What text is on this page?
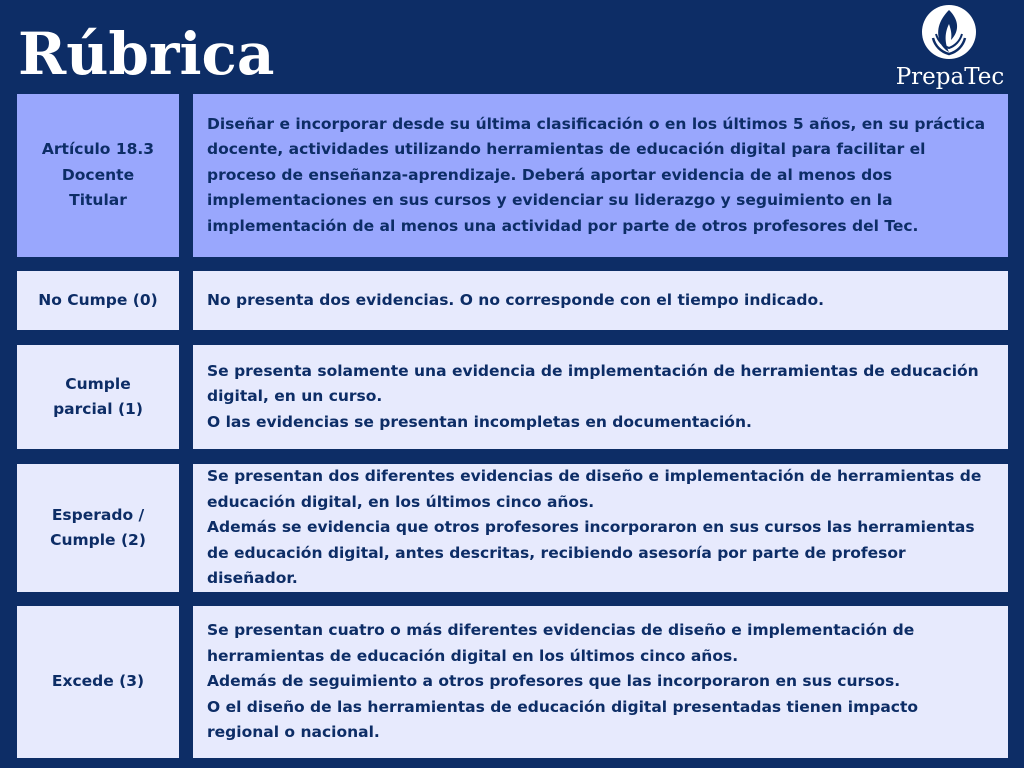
Rúbrica	PrepaTec
Artículo 18.3
Docente
Titular
Diseñar e incorporar desde su última clasificación o en los últimos 5 años, en su práctica docente, actividades utilizando herramientas de educación digital para facilitar el proceso de enseñanza-aprendizaje. Deberá aportar evidencia de al menos dos implementaciones en sus cursos y evidenciar su liderazgo y seguimiento en la implementación de al menos una actividad por parte de otros profesores del Tec.
No Cumpe (0)	No presenta dos evidencias. O no corresponde con el tiempo indicado.
Cumple
parcial (1)
Se presenta solamente una evidencia de implementación de herramientas de educación digital, en un curso.
O las evidencias se presentan incompletas en documentación.
Esperado /
Cumple (2)
Se presentan dos diferentes evidencias de diseño e implementación de herramientas de educación digital, en los últimos cinco años.
Además se evidencia que otros profesores incorporaron en sus cursos las herramientas de educación digital, antes descritas, recibiendo asesoría por parte de profesor diseñador.
Excede (3)
Se presentan cuatro o más diferentes evidencias de diseño e implementación de herramientas de educación digital en los últimos cinco años.
Además de seguimiento a otros profesores que las incorporaron en sus cursos.
O el diseño de las herramientas de educación digital presentadas tienen impacto regional o nacional.
